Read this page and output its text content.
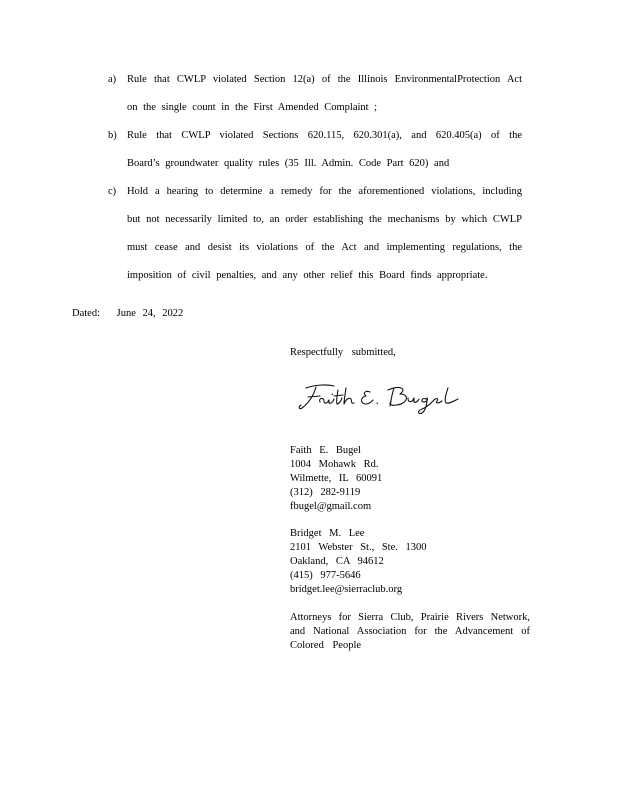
a) Rule that CWLP violated Section 12(a) of the Illinois EnvironmentalProtection Act
on the single count in the First Amended Complaint ;
b) Rule that CWLP violated Sections 620.115, 620.301(a), and 620.405(a) of the
Board’s groundwater quality rules (35 Ill. Admin. Code Part 620) and
c) Hold a hearing to determine a remedy for the aforementioned violations, including
but not necessarily limited to, an order establishing the mechanisms by which CWLP
must cease and desist its violations of the Act and implementing regulations, the
imposition of civil penalties, and any other relief this Board finds appropriate.
Dated: June 24, 2022
Respectfully submitted,
Faith E. Bugel
1004 Mohawk Rd.
Wilmette, IL 60091
(312) 282-9119
fbugel@gmail.com
Bridget M. Lee
2101 Webster St., Ste. 1300
Oakland, CA 94612
(415) 977-5646
bridget.lee@sierraclub.org
Attorneys for Sierra Club, Prairie Rivers Network,
and National Association for the Advancement of
Colored People
